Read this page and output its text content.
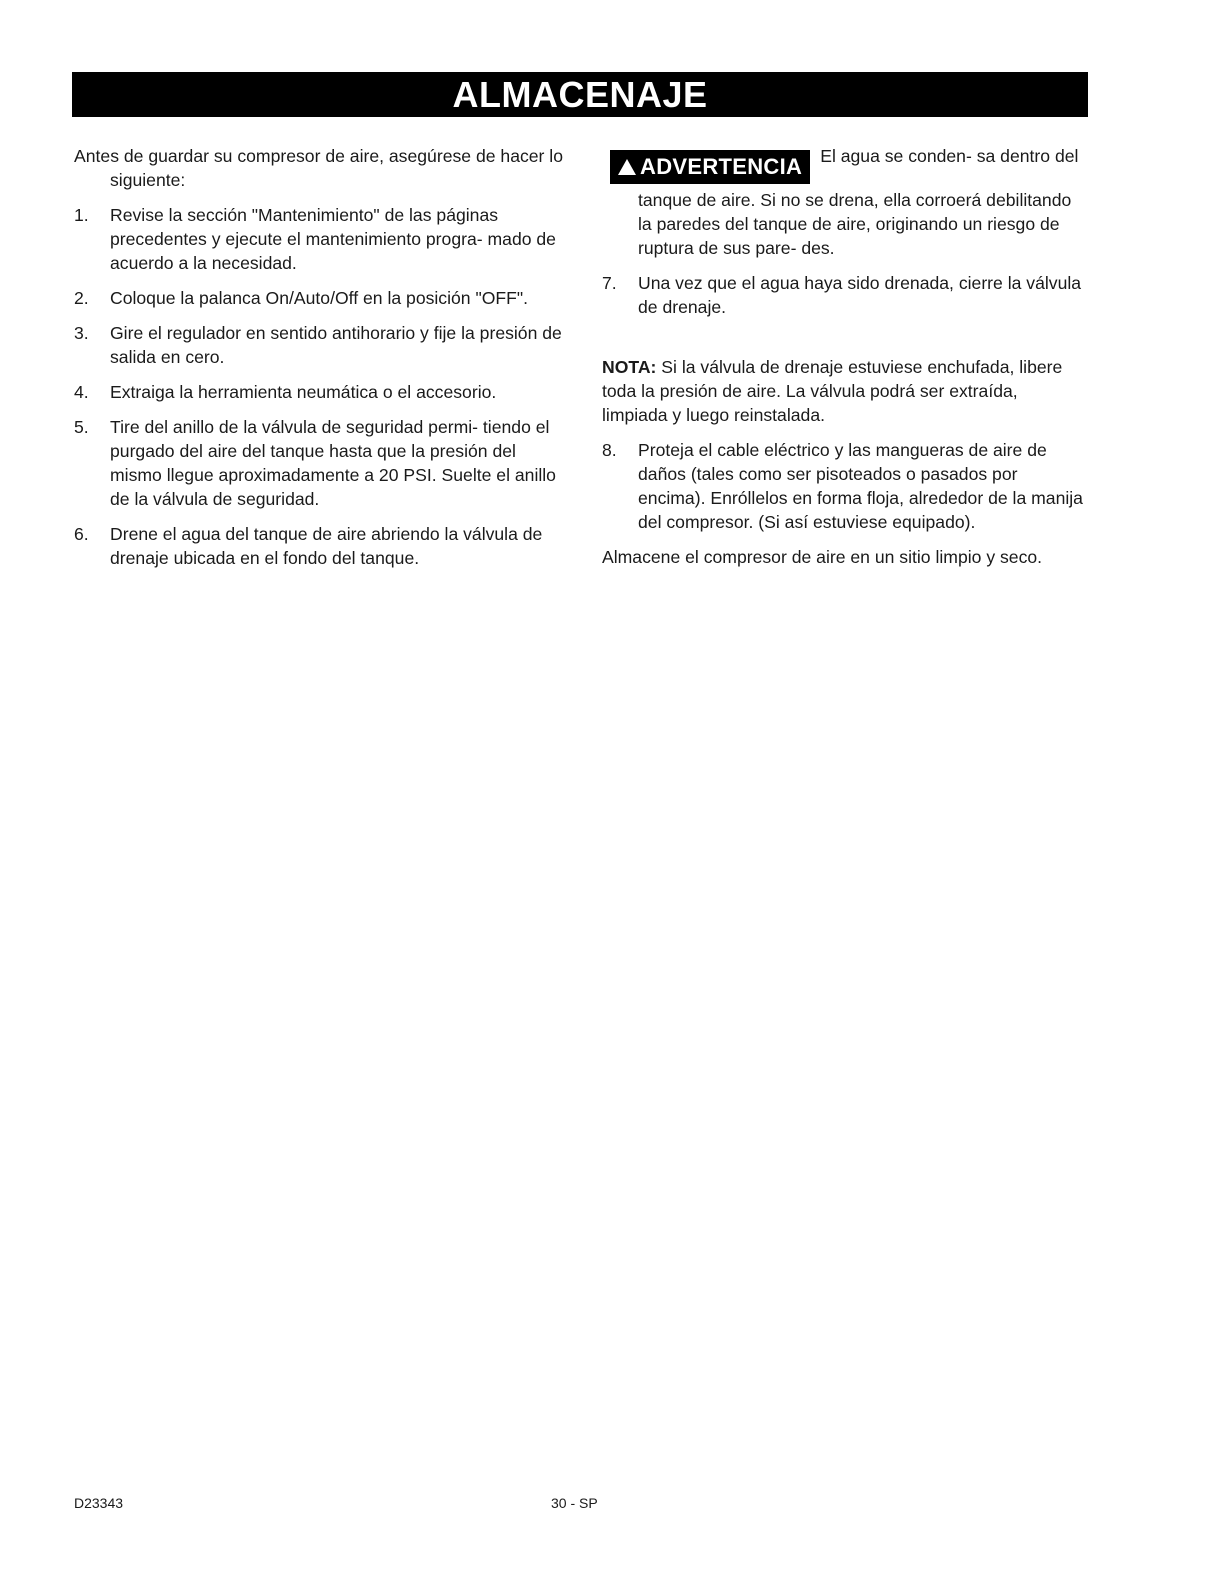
ALMACENAJE

Antes de guardar su compresor de aire, asegúrese de hacer lo siguiente:

1. Revise la sección "Mantenimiento" de las páginas precedentes y ejecute el mantenimiento progra- mado de acuerdo a la necesidad.
2. Coloque la palanca On/Auto/Off en la posición "OFF".
3. Gire el regulador en sentido antihorario y fije la presión de salida en cero.
4. Extraiga la herramienta neumática o el accesorio.
5. Tire del anillo de la válvula de seguridad permi- tiendo el purgado del aire del tanque hasta que la presión del mismo llegue aproximadamente a 20 PSI. Suelte el anillo de la válvula de seguridad.
6. Drene el agua del tanque de aire abriendo la válvula de drenaje ubicada en el fondo del tanque.
ADVERTENCIA	El agua se conden- sa dentro del
tanque de aire. Si no se drena, ella corroerá debilitando la paredes del tanque de aire, originando un riesgo de ruptura de sus pare- des.
7. Una vez que el agua haya sido drenada, cierre la válvula de drenaje.

NOTA: Si la válvula de drenaje estuviese enchufada, libere toda la presión de aire. La válvula podrá ser extraída, limpiada y luego reinstalada.

8. Proteja el cable eléctrico y las mangueras de aire de daños (tales como ser pisoteados o pasados por encima). Enróllelos en forma floja, alrededor de la manija del compresor. (Si así estuviese equipado).

Almacene el compresor de aire en un sitio limpio y seco.

D23343	30 - SP
